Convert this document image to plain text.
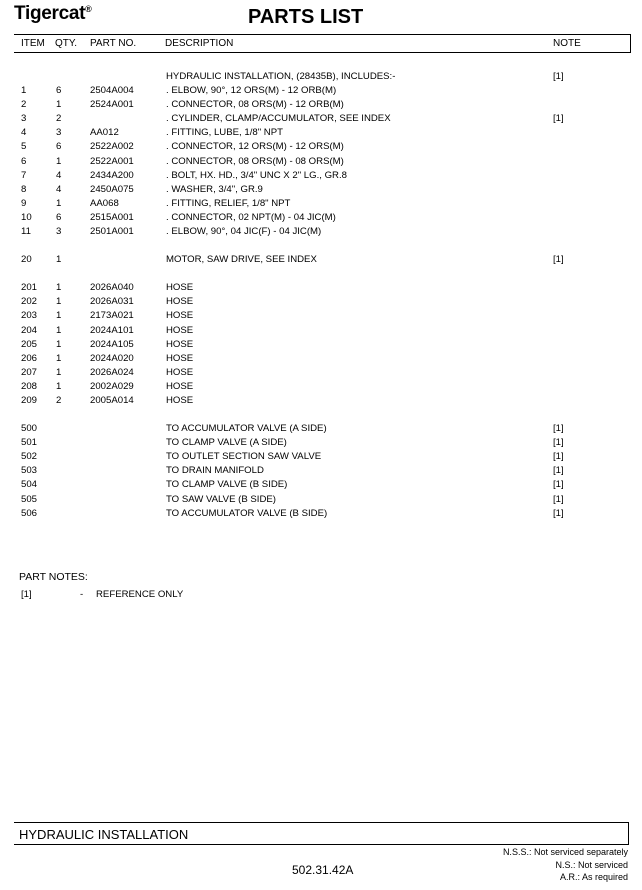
Tigercat®	PARTS LIST
ITEM QTY. PART NO.	DESCRIPTION	NOTE
HYDRAULIC INSTALLATION, (28435B), INCLUDES:-	[1]
1	6	2504A004	. ELBOW, 90°, 12 ORS(M) - 12 ORB(M)
2	1	2524A001	. CONNECTOR, 08 ORS(M) - 12 ORB(M)
3	2	. CYLINDER, CLAMP/ACCUMULATOR, SEE INDEX	[1]
4	3	AA012	. FITTING, LUBE, 1/8" NPT
5	6	2522A002	. CONNECTOR, 12 ORS(M) - 12 ORS(M)
6	1	2522A001	. CONNECTOR, 08 ORS(M) - 08 ORS(M)
7	4	2434A200	. BOLT, HX. HD., 3/4" UNC X 2" LG., GR.8
8	4	2450A075	. WASHER, 3/4", GR.9
9	1	AA068	. FITTING, RELIEF, 1/8" NPT
10	6	2515A001	. CONNECTOR, 02 NPT(M) - 04 JIC(M)
11	3	2501A001	. ELBOW, 90°, 04 JIC(F) - 04 JIC(M)
20	1	MOTOR, SAW DRIVE, SEE INDEX	[1]
201 1	2026A040	HOSE
202 1	2026A031	HOSE
203 1	2173A021	HOSE
204 1	2024A101	HOSE
205 1	2024A105	HOSE
206 1	2024A020	HOSE
207 1	2026A024	HOSE
208 1	2002A029	HOSE
209 2	2005A014	HOSE
500	TO ACCUMULATOR VALVE (A SIDE)	[1]
501	TO CLAMP VALVE (A SIDE)	[1]
502	TO OUTLET SECTION SAW VALVE	[1]
503	TO DRAIN MANIFOLD	[1]
504	TO CLAMP VALVE (B SIDE)	[1]
505	TO SAW VALVE (B SIDE)	[1]
506	TO ACCUMULATOR VALVE (B SIDE)	[1]
PART NOTES:
[1]	- REFERENCE ONLY
HYDRAULIC INSTALLATION
N.S.S.: Not serviced separately
N.S.: Not serviced
A.R.: As required
502.31.42A
